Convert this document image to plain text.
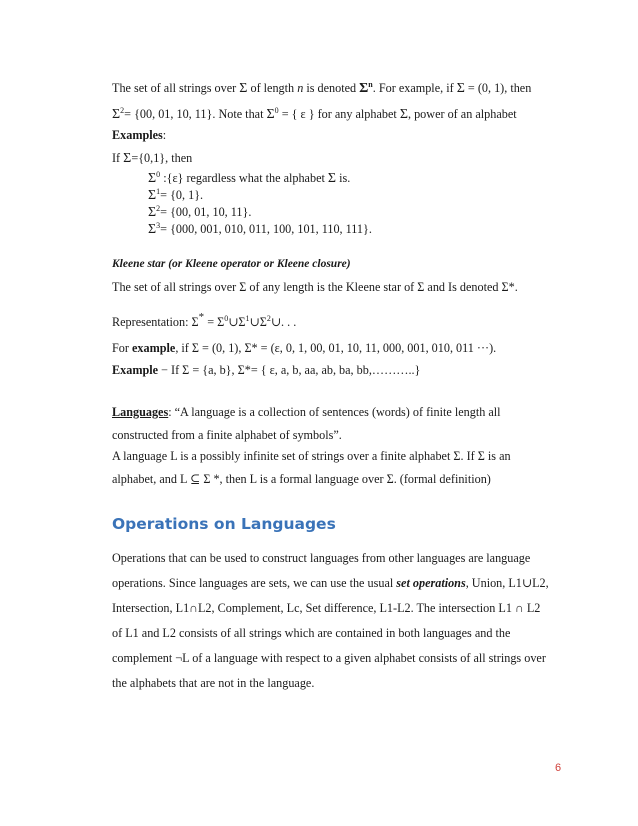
The set of all strings over Σ of length n is denoted $\Sigma^n$. For example, if Σ = (0, 1), then
$\Sigma^2= \{00$, 01, 10, 11}. Note that $\Sigma^0$ = { ε } for any alphabet Σ, power of an alphabet
Examples:
If Σ={0,1}, then
$\Sigma^0$ :{ε} regardless what the alphabet Σ is.
$\Sigma^1= \{0$, 1}.
$\Sigma^2= \{00$, 01, 10, 11}.
$\Sigma^3= \{000$, 001, 010, 011, 100, 101, 110, 111}.
Kleene star (or Kleene operator or Kleene closure)
The set of all strings over Σ of any length is the Kleene star of Σ and Is denoted Σ*.
Representation: $\Sigma* = \Sigma^0\cup\Sigma^1\cup\Sigma^2\cup$. . .
For example, if Σ = (0, 1), Σ* = (ε, 0, 1, 00, 01, 10, 11, 000, 001, 010, 011 ···).
Example − If Σ = {a, b}, Σ*= { ε, a, b, aa, ab, ba, bb,………..}
Languages: “A language is a collection of sentences (words) of finite length all
constructed from a finite alphabet of symbols”.
A language L is a possibly infinite set of strings over a finite alphabet Σ. If Σ is an
alphabet, and L ⊆ Σ *, then L is a formal language over Σ. (formal definition)
Operations on Languages
Operations that can be used to construct languages from other languages are language
operations. Since languages are sets, we can use the usual set operations, Union, L1∪L2,
Intersection, L1∩L2, Complement, Lc, Set difference, L1-L2. The intersection L1 ∩ L2
of L1 and L2 consists of all strings which are contained in both languages and the
complement ¬L of a language with respect to a given alphabet consists of all strings over
the alphabets that are not in the language.
6
